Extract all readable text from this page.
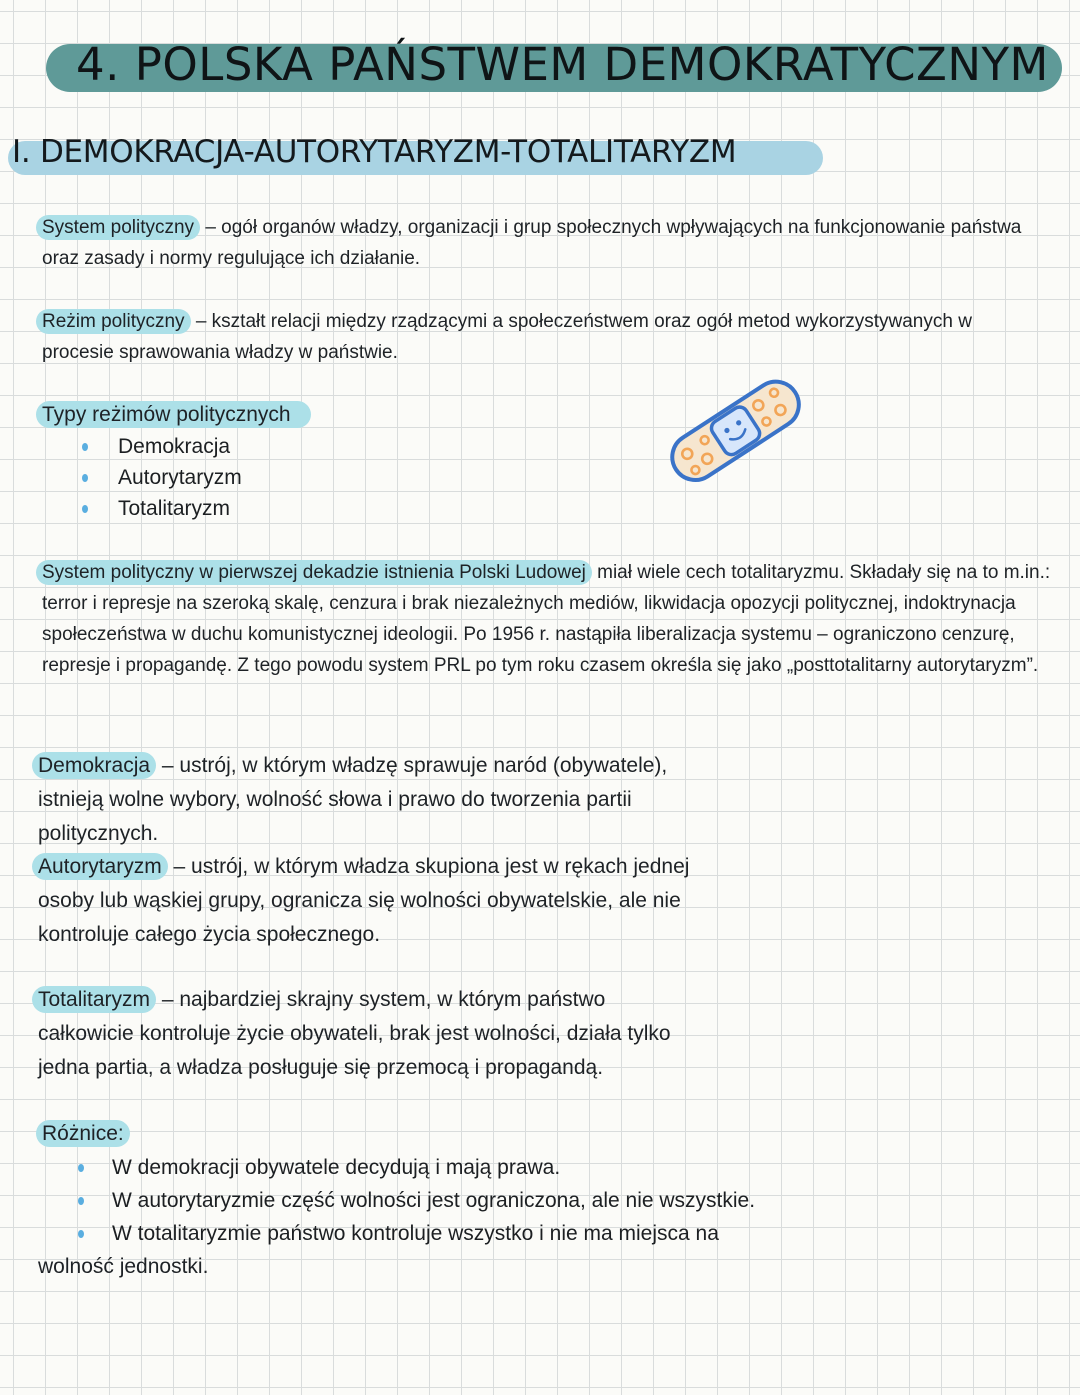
4. POLSKA PAŃSTWEM DEMOKRATYCZNYM
I. DEMOKRACJA-AUTORYTARYZM-TOTALITARYZM

System polityczny – ogół organów władzy, organizacji i grup społecznych wpływających na funkcjonowanie państwa oraz zasady i normy regulujące ich działanie.

Reżim polityczny – kształt relacji między rządzącymi a społeczeństwem oraz ogół metod wykorzystywanych w procesie sprawowania władzy w państwie.

Typy reżimów politycznych

Demokracja
Autorytaryzm
Totalitaryzm

System polityczny w pierwszej dekadzie istnienia Polski Ludowej miał wiele cech totalitaryzmu. Składały się na to m.in.: terror i represje na szeroką skalę, cenzura i brak niezależnych mediów, likwidacja opozycji politycznej, indoktrynacja społeczeństwa w duchu komunistycznej ideologii. Po 1956 r. nastąpiła liberalizacja systemu – ograniczono cenzurę, represje i propagandę. Z tego powodu system PRL po tym roku czasem określa się jako „posttotalitarny autorytaryzm”.

Demokracja – ustrój, w którym władzę sprawuje naród (obywatele), istnieją wolne wybory, wolność słowa i prawo do tworzenia partii politycznych.

Autorytaryzm – ustrój, w którym władza skupiona jest w rękach jednej osoby lub wąskiej grupy, ogranicza się wolności obywatelskie, ale nie kontroluje całego życia społecznego.

Totalitaryzm – najbardziej skrajny system, w którym państwo całkowicie kontroluje życie obywateli, brak jest wolności, działa tylko jedna partia, a władza posługuje się przemocą i propagandą.

Różnice:

W demokracji obywatele decydują i mają prawa.
W autorytaryzmie część wolności jest ograniczona, ale nie wszystkie.
W totalitaryzmie państwo kontroluje wszystko i nie ma miejsca na

wolność jednostki.
